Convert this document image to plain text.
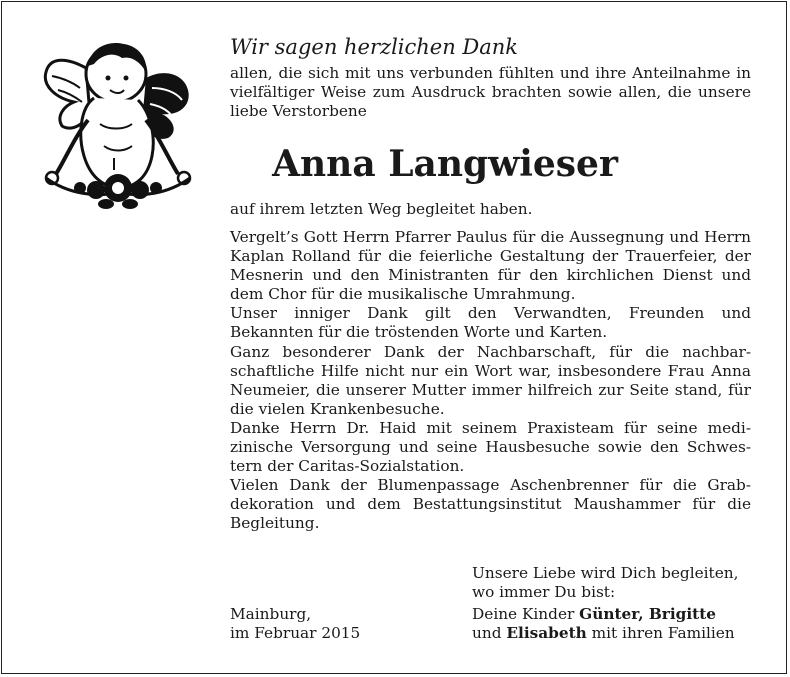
Wir sagen herzlichen Dank
allen, die sich mit uns verbunden fühlten und ihre Anteilnahme in vielfältiger Weise zum Ausdruck brachten sowie allen, die unsere liebe Verstorbene
Anna Langwieser
auf ihrem letzten Weg begleitet haben.

Vergelt’s Gott Herrn Pfarrer Paulus für die Aussegnung und Herrn Kaplan Rolland für die feierliche Gestaltung der Trauerfeier, der Mesnerin und den Ministranten für den kirchlichen Dienst und dem Chor für die musikalische Umrahmung.

Unser inniger Dank gilt den Verwandten, Freunden und Bekannten für die tröstenden Worte und Karten.

Ganz besonderer Dank der Nachbarschaft, für die nachbarschaftliche Hilfe nicht nur ein Wort war, insbesondere Frau Anna Neumeier, die unserer Mutter immer hilfreich zur Seite stand, für die vielen Krankenbesuche.

Danke Herrn Dr. Haid mit seinem Praxisteam für seine medizinische Versorgung und seine Hausbesuche sowie den Schwestern der Caritas-Sozialstation.

Vielen Dank der Blumenpassage Aschenbrenner für die Grabdekoration und dem Bestattungsinstitut Maushammer für die Begleitung.

Unsere Liebe wird Dich begleiten,
wo immer Du bist:
Mainburg,
im Februar 2015
Deine Kinder Günter, Brigitte
und Elisabeth mit ihren Familien
